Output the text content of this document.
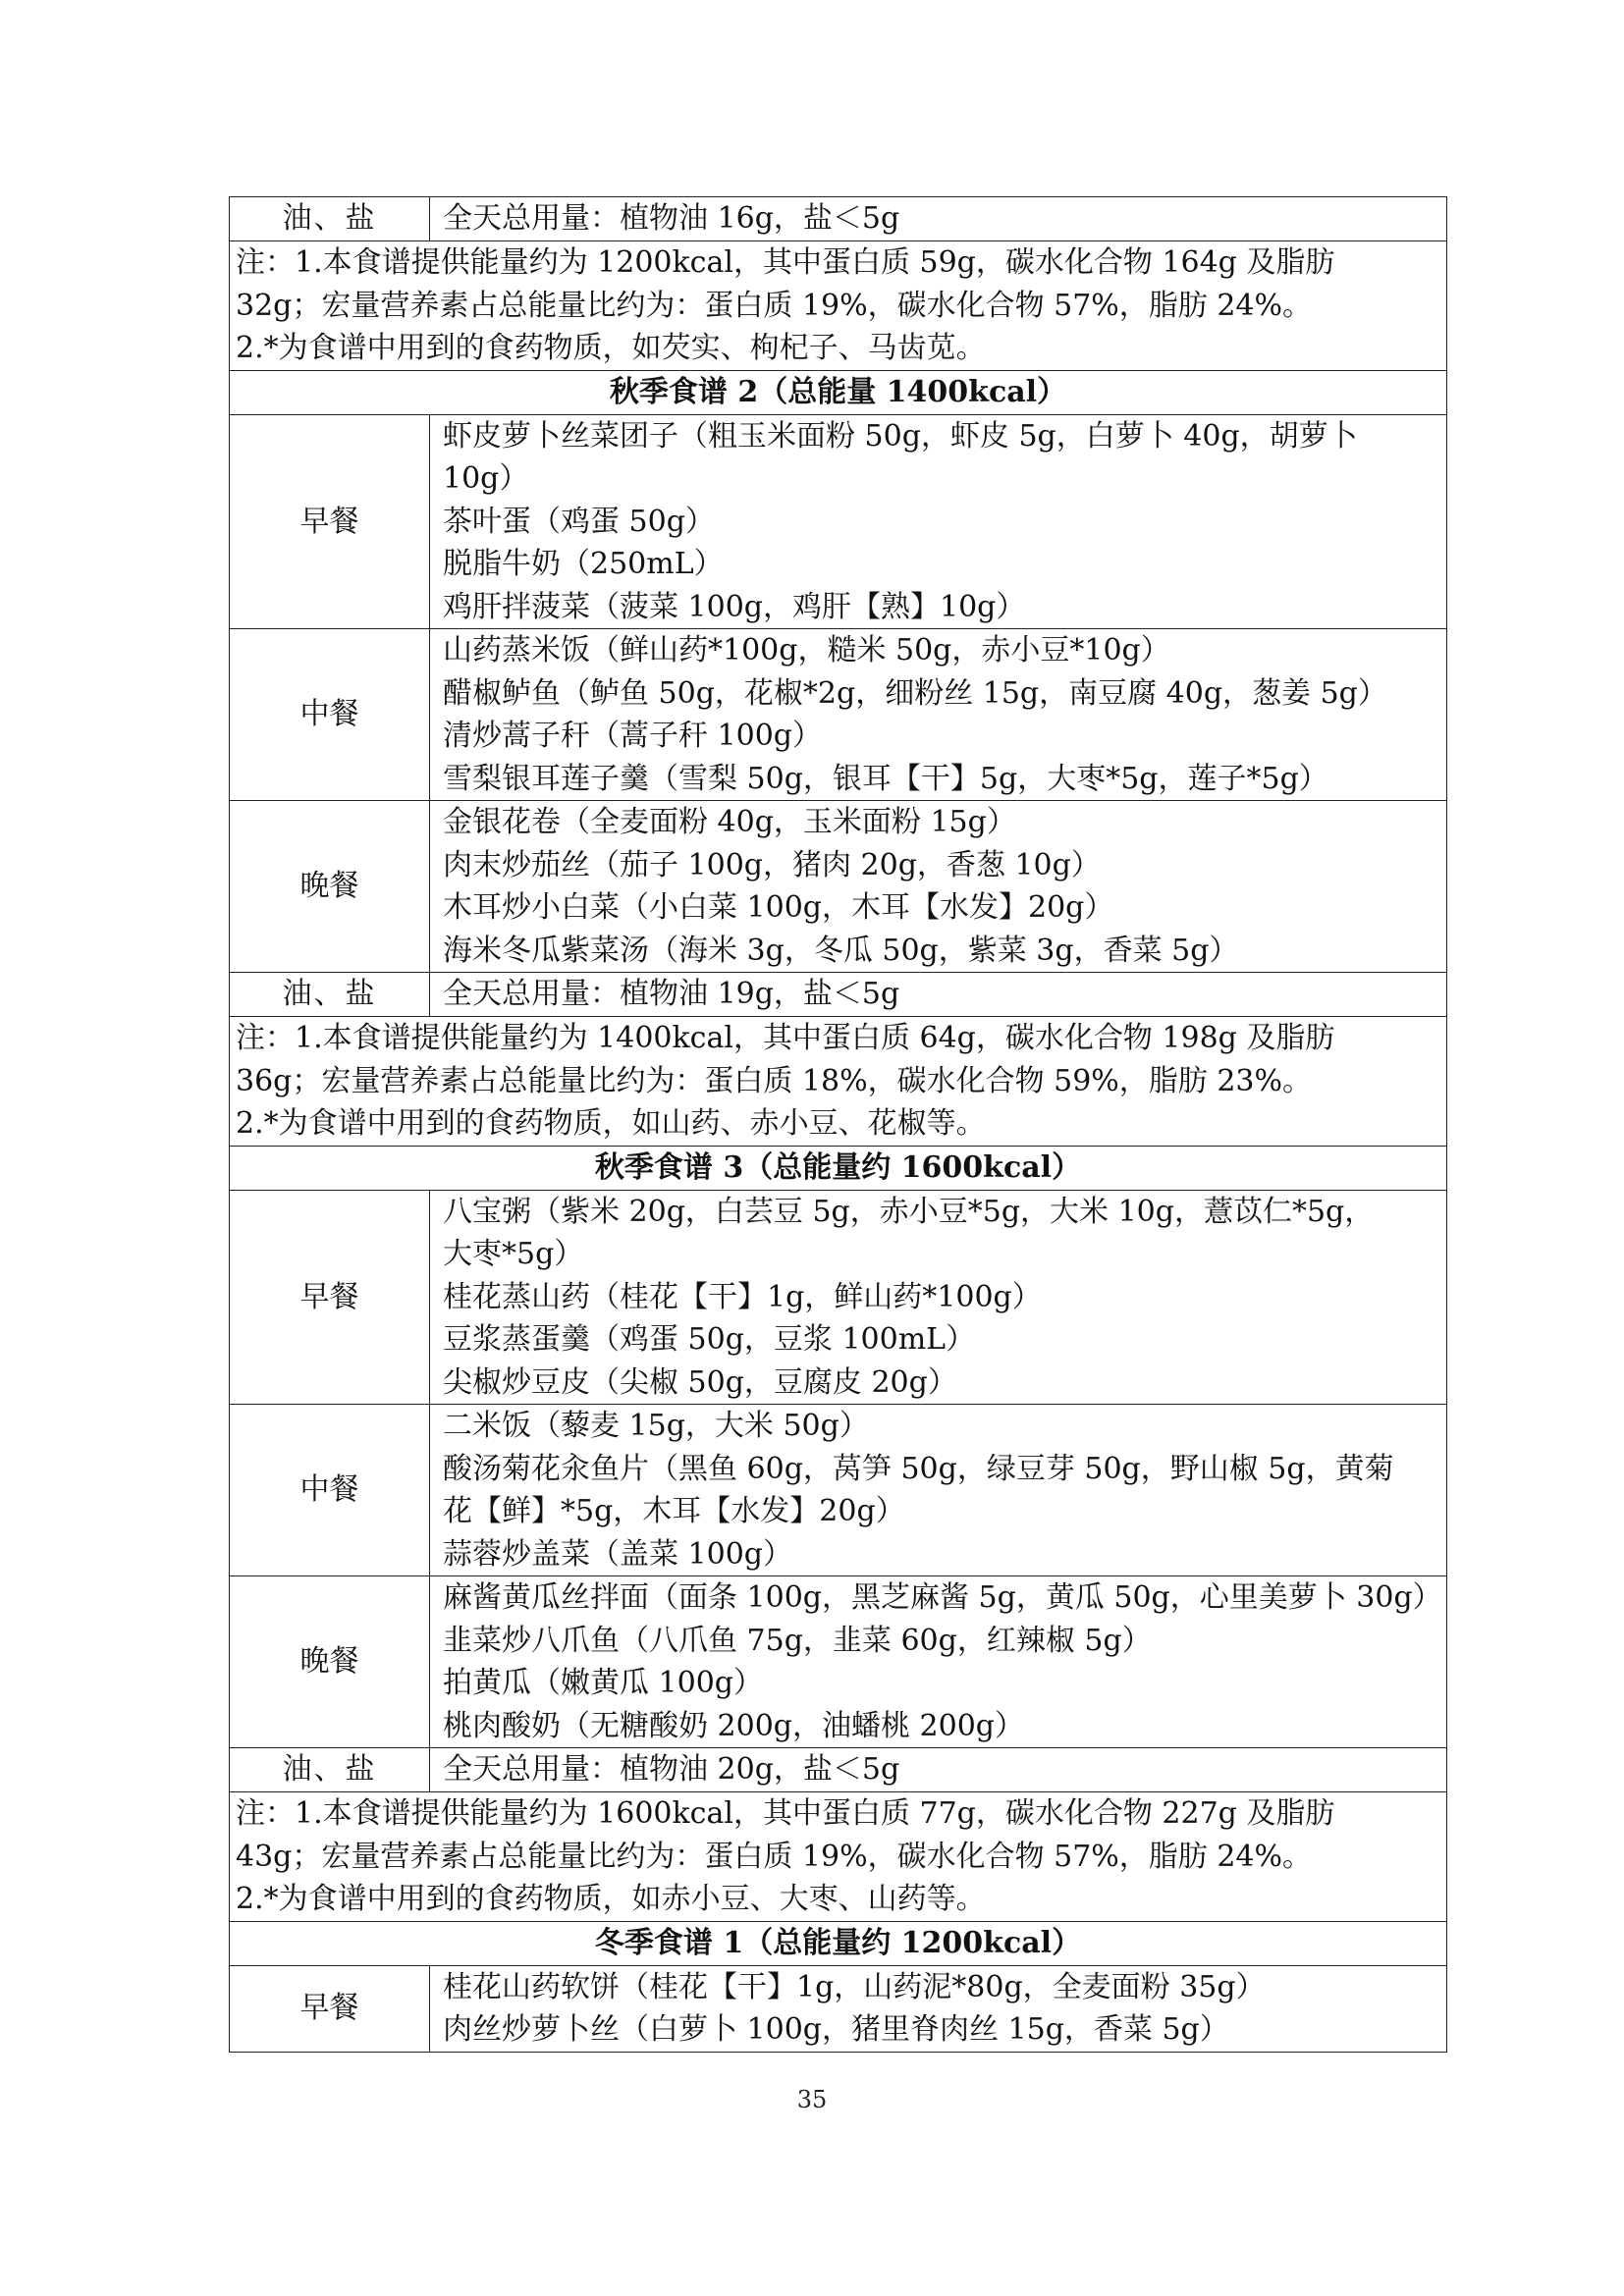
油、盐	全天总用量：植物油 16g，盐＜5g

注：1.本食谱提供能量约为 1200kcal，其中蛋白质 59g，碳水化合物 164g 及脂肪
32g；宏量营养素占总能量比约为：蛋白质 19%，碳水化合物 57%，脂肪 24%。
2.*为食谱中用到的食药物质，如芡实、枸杞子、马齿苋。	

秋季食谱 2（总能量 1400kcal）	
早餐	虾皮萝卜丝菜团子（粗玉米面粉 50g，虾皮 5g，白萝卜 40g，胡萝卜
10g）
茶叶蛋（鸡蛋 50g）
脱脂牛奶（250mL）
鸡肝拌菠菜（菠菜 100g，鸡肝【熟】10g）

中餐	山药蒸米饭（鲜山药*100g，糙米 50g，赤小豆*10g）
醋椒鲈鱼（鲈鱼 50g，花椒*2g，细粉丝 15g，南豆腐 40g，葱姜 5g）
清炒蒿子秆（蒿子秆 100g）
雪梨银耳莲子羹（雪梨 50g，银耳【干】5g，大枣*5g，莲子*5g）

晚餐	金银花卷（全麦面粉 40g，玉米面粉 15g）
肉末炒茄丝（茄子 100g，猪肉 20g，香葱 10g）
木耳炒小白菜（小白菜 100g，木耳【水发】20g）
海米冬瓜紫菜汤（海米 3g，冬瓜 50g，紫菜 3g，香菜 5g）

油、盐	全天总用量：植物油 19g，盐＜5g

注：1.本食谱提供能量约为 1400kcal，其中蛋白质 64g，碳水化合物 198g 及脂肪
36g；宏量营养素占总能量比约为：蛋白质 18%，碳水化合物 59%，脂肪 23%。
2.*为食谱中用到的食药物质，如山药、赤小豆、花椒等。	

秋季食谱 3（总能量约 1600kcal）	
早餐	八宝粥（紫米 20g，白芸豆 5g，赤小豆*5g，大米 10g，薏苡仁*5g，
大枣*5g）
桂花蒸山药（桂花【干】1g，鲜山药*100g）
豆浆蒸蛋羹（鸡蛋 50g，豆浆 100mL）
尖椒炒豆皮（尖椒 50g，豆腐皮 20g）

中餐	二米饭（藜麦 15g，大米 50g）
酸汤菊花汆鱼片（黑鱼 60g，莴笋 50g，绿豆芽 50g，野山椒 5g，黄菊
花【鲜】*5g，木耳【水发】20g）
蒜蓉炒盖菜（盖菜 100g）

晚餐	麻酱黄瓜丝拌面（面条 100g，黑芝麻酱 5g，黄瓜 50g，心里美萝卜 30g）
韭菜炒八爪鱼（八爪鱼 75g，韭菜 60g，红辣椒 5g）
拍黄瓜（嫩黄瓜 100g）
桃肉酸奶（无糖酸奶 200g，油蟠桃 200g）

油、盐	全天总用量：植物油 20g，盐＜5g

注：1.本食谱提供能量约为 1600kcal，其中蛋白质 77g，碳水化合物 227g 及脂肪
43g；宏量营养素占总能量比约为：蛋白质 19%，碳水化合物 57%，脂肪 24%。
2.*为食谱中用到的食药物质，如赤小豆、大枣、山药等。	

冬季食谱 1（总能量约 1200kcal）	
早餐	桂花山药软饼（桂花【干】1g，山药泥*80g，全麦面粉 35g）
肉丝炒萝卜丝（白萝卜 100g，猪里脊肉丝 15g，香菜 5g）
35
